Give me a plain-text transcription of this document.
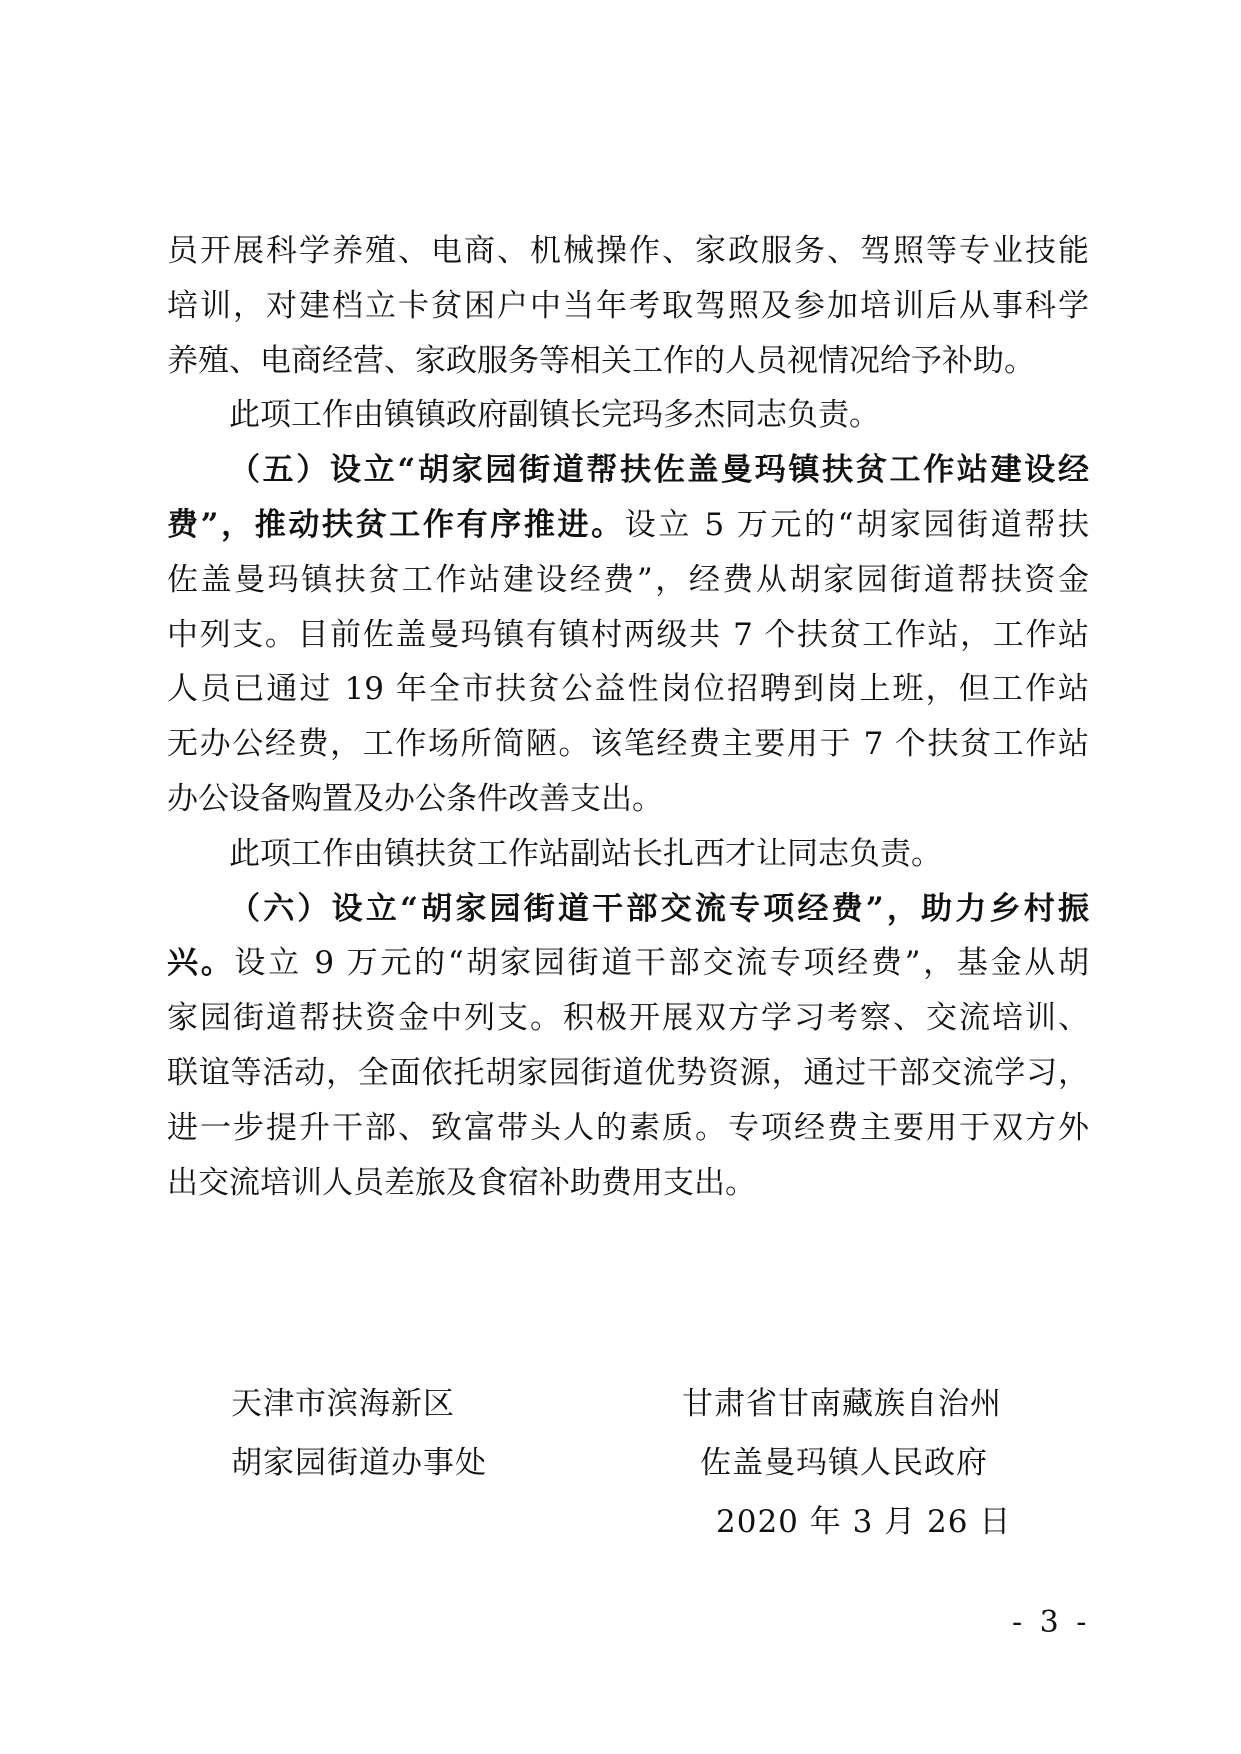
员开展科学养殖、电商、机械操作、家政服务、驾照等专业技能
培训，对建档立卡贫困户中当年考取驾照及参加培训后从事科学
养殖、电商经营、家政服务等相关工作的人员视情况给予补助。
此项工作由镇镇政府副镇长完玛多杰同志负责。
（五）设立“胡家园街道帮扶佐盖曼玛镇扶贫工作站建设经
费”，推动扶贫工作有序推进。设立 5 万元的“胡家园街道帮扶
佐盖曼玛镇扶贫工作站建设经费”，经费从胡家园街道帮扶资金
中列支。目前佐盖曼玛镇有镇村两级共 7 个扶贫工作站，工作站
人员已通过 19 年全市扶贫公益性岗位招聘到岗上班，但工作站
无办公经费，工作场所简陋。该笔经费主要用于 7 个扶贫工作站
办公设备购置及办公条件改善支出。
此项工作由镇扶贫工作站副站长扎西才让同志负责。
（六）设立“胡家园街道干部交流专项经费”，助力乡村振
兴。设立 9 万元的“胡家园街道干部交流专项经费”，基金从胡
家园街道帮扶资金中列支。积极开展双方学习考察、交流培训、
联谊等活动，全面依托胡家园街道优势资源，通过干部交流学习，
进一步提升干部、致富带头人的素质。专项经费主要用于双方外
出交流培训人员差旅及食宿补助费用支出。
天津市滨海新区
胡家园街道办事处
甘肃省甘南藏族自治州
佐盖曼玛镇人民政府
2020 年 3 月 26 日
- 3 -
